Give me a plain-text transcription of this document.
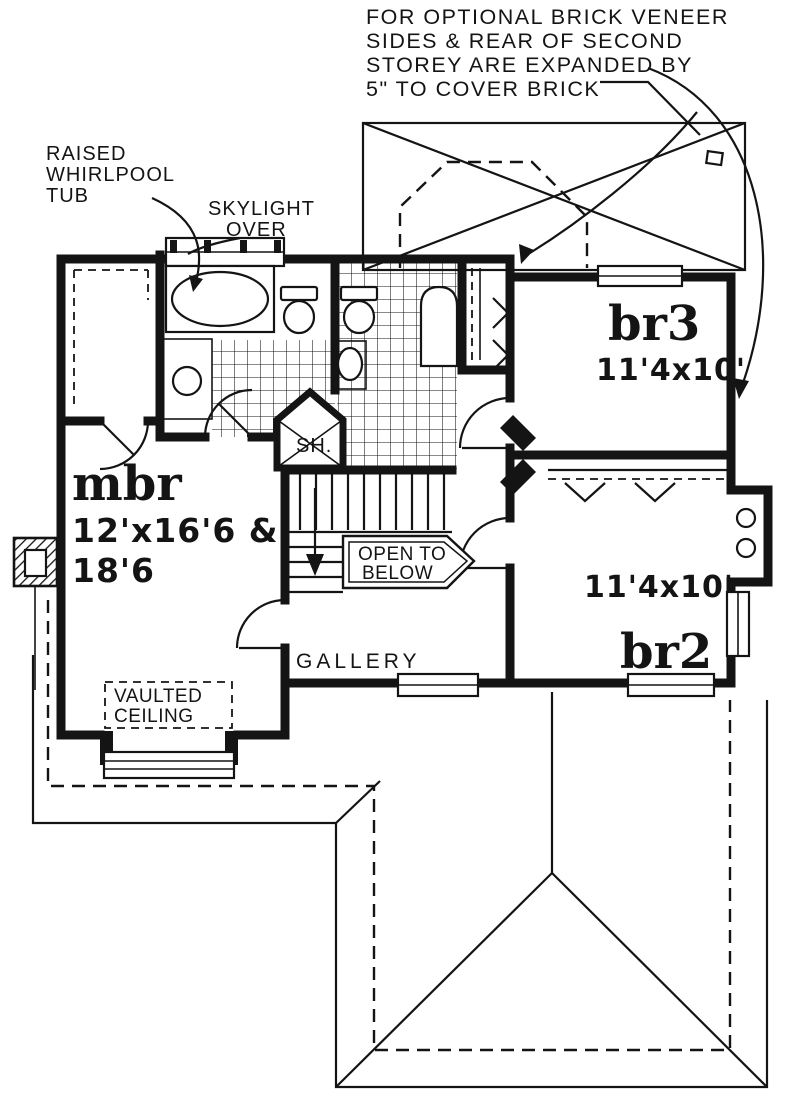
FOR OPTIONAL BRICK VENEER
SIDES & REAR OF SECOND
STOREY ARE EXPANDED BY
5" TO COVER BRICK
SH.
OPEN TO
BELOW
VAULTED
CEILING
RAISED
WHIRLPOOL
TUB
SKYLIGHT
OVER
mbr
12'x16'6 &
18'6
br3
11'4x10'
11'4x10'
br2
GALLERY
